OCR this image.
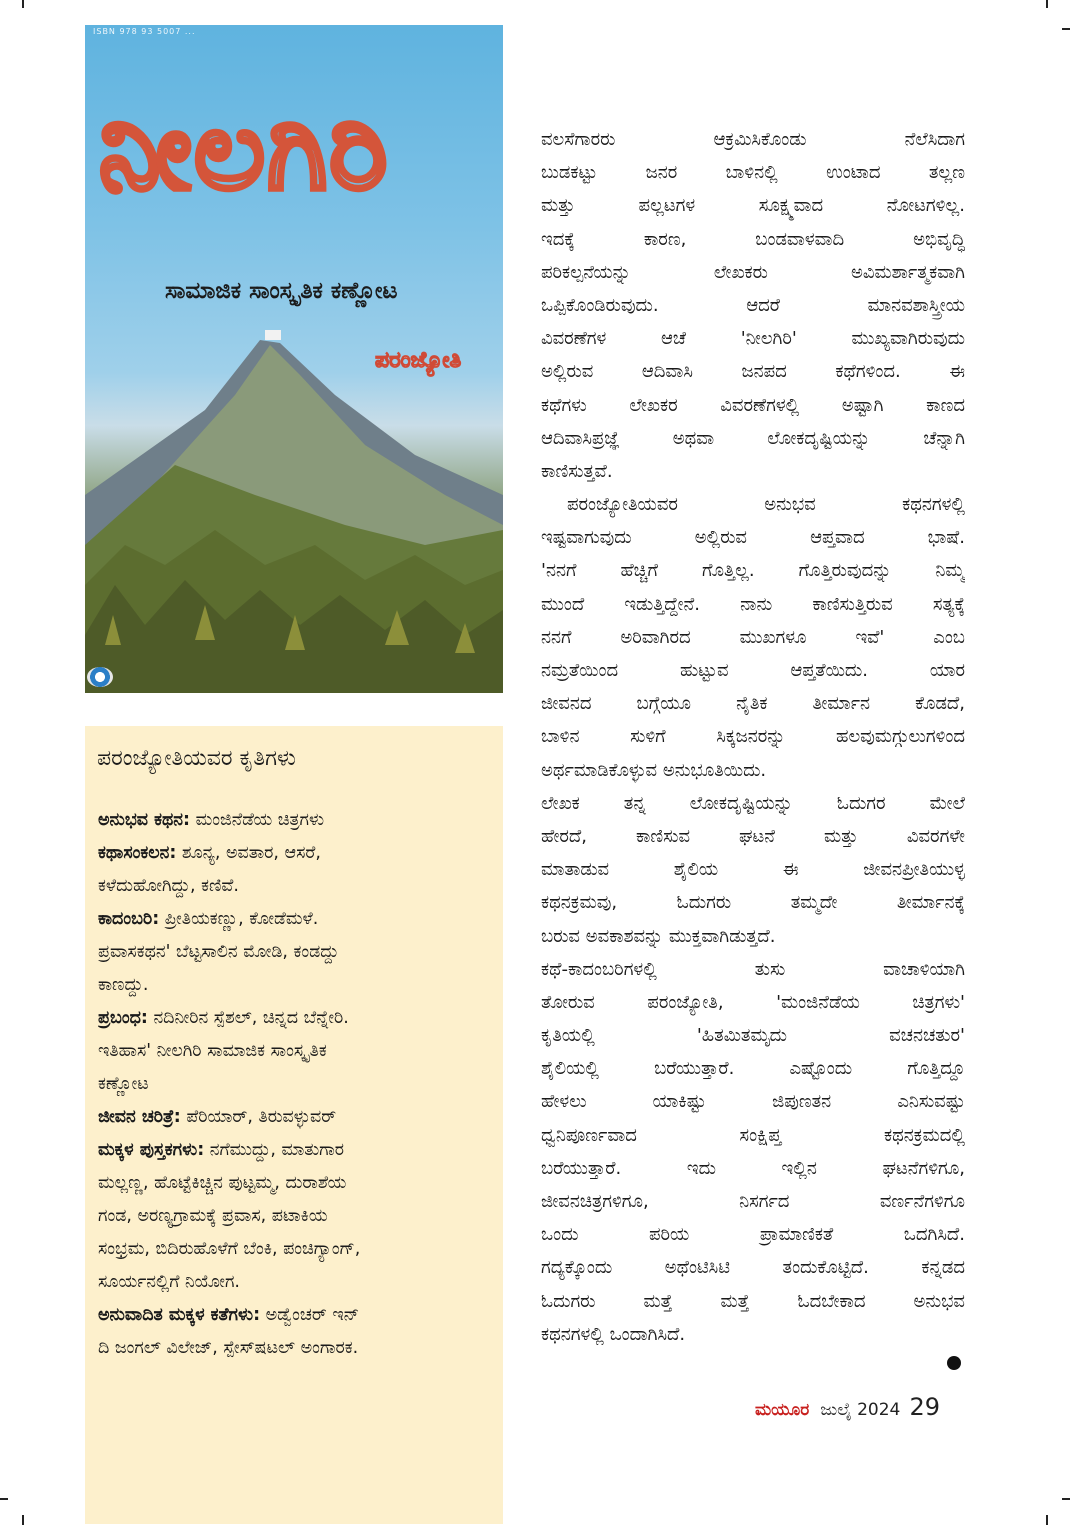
ISBN 978 93 5007 ...
ನೀಲಗಿರಿ
ಸಾಮಾಜಿಕ ಸಾಂಸ್ಕೃತಿಕ ಕಣ್ಣೋಟ
ಪರಂಜ್ಯೋತಿ
ಪರಂಜ್ಯೋತಿಯವರ ಕೃತಿಗಳು
ಅನುಭವ ಕಥನ: ಮಂಜಿನೆಡೆಯ ಚಿತ್ರಗಳು
ಕಥಾಸಂಕಲನ: ಶೂನ್ಯ, ಅವತಾರ, ಆಸರೆ,
ಕಳೆದುಹೋಗಿದ್ದು, ಕಣಿವೆ.
ಕಾದಂಬರಿ: ಪ್ರೀತಿಯಕಣ್ಣು, ಕೋಡೆಮಳೆ.
ಪ್ರವಾಸಕಥನ' ಬೆಟ್ಟಸಾಲಿನ ಮೋಡಿ, ಕಂಡದ್ದು
ಕಾಣದ್ದು.
ಪ್ರಬಂಧ: ನದಿನೀರಿನ ಸ್ಪೆಶಲ್, ಚಿನ್ನದ ಬೆನ್ನೇರಿ.
ಇತಿಹಾಸ' ನೀಲಗಿರಿ ಸಾಮಾಜಿಕ ಸಾಂಸ್ಕೃತಿಕ
ಕಣ್ಣೋಟ
ಜೀವನ ಚರಿತ್ರೆ: ಪೆರಿಯಾರ್, ತಿರುವಳ್ಳುವರ್
ಮಕ್ಕಳ ಪುಸ್ತಕಗಳು: ನಗೆಮುದ್ದು, ಮಾತುಗಾರ
ಮಲ್ಲಣ್ಣ, ಹೊಟ್ಟೆಕಿಚ್ಚಿನ ಪುಟ್ಟಮ್ಮ, ದುರಾಶೆಯ
ಗಂಡ, ಅರಣ್ಯಗ್ರಾಮಕ್ಕೆ ಪ್ರವಾಸ, ಪಟಾಕಿಯ
ಸಂಭ್ರಮ, ಬಿದಿರುಹೊಳೆಗೆ ಬೆಂಕಿ, ಪಂಚಿಗ್ಯಾಂಗ್,
ಸೂರ್ಯನಲ್ಲಿಗೆ ನಿಯೋಗ.
ಅನುವಾದಿತ ಮಕ್ಕಳ ಕತೆಗಳು: ಅಡ್ವೆಂಚರ್ ಇನ್
ದಿ ಜಂಗಲ್ ವಿಲೇಜ್, ಸ್ಪೇಸ್‌ಷಟಲ್ ಅಂಗಾರಕ.
ವಲಸೆಗಾರರು ಆಕ್ರಮಿಸಿಕೊಂಡು ನೆಲೆಸಿದಾಗ
ಬುಡಕಟ್ಟು ಜನರ ಬಾಳಿನಲ್ಲಿ ಉಂಟಾದ ತಲ್ಲಣ
ಮತ್ತು ಪಲ್ಲಟಗಳ ಸೂಕ್ಷ್ಮವಾದ ನೋಟಗಳಿಲ್ಲ.
ಇದಕ್ಕೆ ಕಾರಣ, ಬಂಡವಾಳವಾದಿ ಅಭಿವೃದ್ಧಿ
ಪರಿಕಲ್ಪನೆಯನ್ನು ಲೇಖಕರು ಅವಿಮರ್ಶಾತ್ಮಕವಾಗಿ
ಒಪ್ಪಿಕೊಂಡಿರುವುದು. ಆದರೆ ಮಾನವಶಾಸ್ತ್ರೀಯ
ವಿವರಣೆಗಳ ಆಚೆ 'ನೀಲಗಿರಿ' ಮುಖ್ಯವಾಗಿರುವುದು
ಅಲ್ಲಿರುವ ಆದಿವಾಸಿ ಜನಪದ ಕಥೆಗಳಿಂದ. ಈ
ಕಥೆಗಳು ಲೇಖಕರ ವಿವರಣೆಗಳಲ್ಲಿ ಅಷ್ಟಾಗಿ ಕಾಣದ
ಆದಿವಾಸಿಪ್ರಜ್ಞೆ ಅಥವಾ ಲೋಕದೃಷ್ಟಿಯನ್ನು ಚೆನ್ನಾಗಿ
ಕಾಣಿಸುತ್ತವೆ.
ಪರಂಜ್ಯೋತಿಯವರ ಅನುಭವ ಕಥನಗಳಲ್ಲಿ
ಇಷ್ಟವಾಗುವುದು ಅಲ್ಲಿರುವ ಆಪ್ತವಾದ ಭಾಷೆ.
'ನನಗೆ ಹೆಚ್ಚಿಗೆ ಗೊತ್ತಿಲ್ಲ. ಗೊತ್ತಿರುವುದನ್ನು ನಿಮ್ಮ
ಮುಂದೆ ಇಡುತ್ತಿದ್ದೇನೆ. ನಾನು ಕಾಣಿಸುತ್ತಿರುವ ಸತ್ಯಕ್ಕೆ
ನನಗೆ ಅರಿವಾಗಿರದ ಮುಖಗಳೂ ಇವೆ' ಎಂಬ
ನಮ್ರತೆಯಿಂದ ಹುಟ್ಟುವ ಆಪ್ತತೆಯಿದು. ಯಾರ
ಜೀವನದ ಬಗ್ಗೆಯೂ ನೈತಿಕ ತೀರ್ಮಾನ ಕೊಡದೆ,
ಬಾಳಿನ ಸುಳಿಗೆ ಸಿಕ್ಕಜನರನ್ನು ಹಲವುಮಗ್ಗುಲುಗಳಿಂದ
ಅರ್ಥಮಾಡಿಕೊಳ್ಳುವ ಅನುಭೂತಿಯಿದು.
ಲೇಖಕ ತನ್ನ ಲೋಕದೃಷ್ಟಿಯನ್ನು ಓದುಗರ ಮೇಲೆ
ಹೇರದೆ, ಕಾಣಿಸುವ ಘಟನೆ ಮತ್ತು ವಿವರಗಳೇ
ಮಾತಾಡುವ ಶೈಲಿಯ ಈ ಜೀವನಪ್ರೀತಿಯುಳ್ಳ
ಕಥನಕ್ರಮವು, ಓದುಗರು ತಮ್ಮದೇ ತೀರ್ಮಾನಕ್ಕೆ
ಬರುವ ಅವಕಾಶವನ್ನು ಮುಕ್ತವಾಗಿಡುತ್ತದೆ.
ಕಥೆ-ಕಾದಂಬರಿಗಳಲ್ಲಿ ತುಸು ವಾಚಾಳಿಯಾಗಿ
ತೋರುವ ಪರಂಜ್ಯೋತಿ, 'ಮಂಜಿನೆಡೆಯ ಚಿತ್ರಗಳು'
ಕೃತಿಯಲ್ಲಿ 'ಹಿತಮಿತಮೃದು ವಚನಚತುರ'
ಶೈಲಿಯಲ್ಲಿ ಬರೆಯುತ್ತಾರೆ. ಎಷ್ಟೊಂದು ಗೊತ್ತಿದ್ದೂ
ಹೇಳಲು ಯಾಕಿಷ್ಟು ಜಿಪುಣತನ ಎನಿಸುವಷ್ಟು
ಧ್ವನಿಪೂರ್ಣವಾದ ಸಂಕ್ಷಿಪ್ತ ಕಥನಕ್ರಮದಲ್ಲಿ
ಬರೆಯುತ್ತಾರೆ. ಇದು ಇಲ್ಲಿನ ಘಟನೆಗಳಿಗೂ,
ಜೀವನಚಿತ್ರಗಳಿಗೂ, ನಿಸರ್ಗದ ವರ್ಣನೆಗಳಿಗೂ
ಒಂದು ಪರಿಯ ಪ್ರಾಮಾಣಿಕತೆ ಒದಗಿಸಿದೆ.
ಗದ್ಯಕ್ಕೊಂದು ಅಥೆಂಟಿಸಿಟಿ ತಂದುಕೊಟ್ಟಿದೆ. ಕನ್ನಡದ
ಓದುಗರು ಮತ್ತೆ ಮತ್ತೆ ಓದಬೇಕಾದ ಅನುಭವ
ಕಥನಗಳಲ್ಲಿ ಒಂದಾಗಿಸಿದೆ.
ಮಯೂರ ಜುಲೈ 2024 29
